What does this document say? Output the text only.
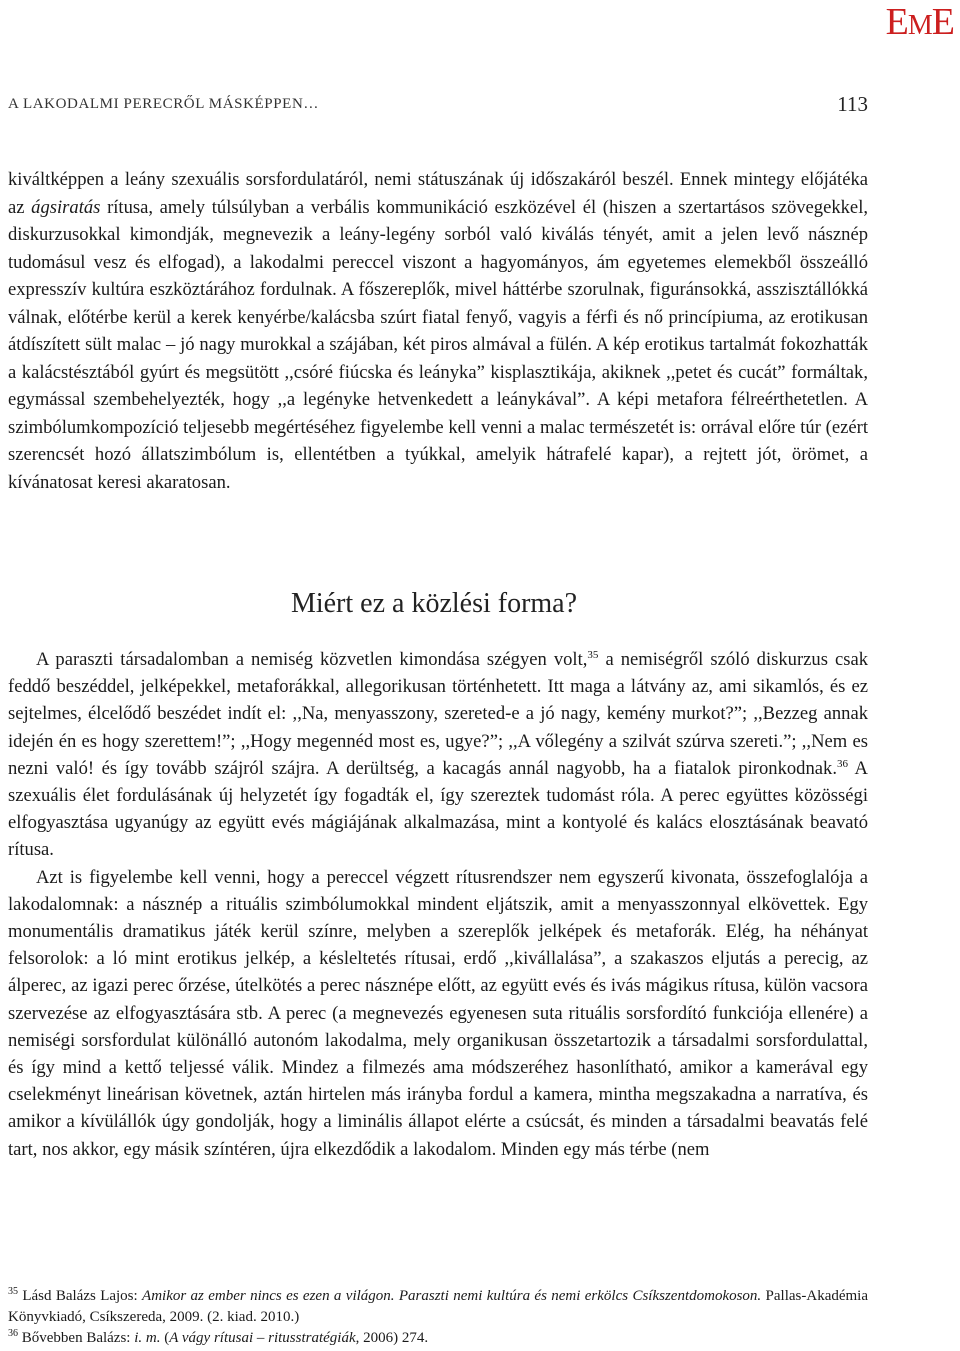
EME
A LAKODALMI PERECRŐL MÁSKÉPPEN…	113

kiváltképpen a leány szexuális sorsfordulatáról, nemi státuszának új időszakáról beszél. Ennek mintegy előjátéka az ágsiratás rítusa, amely túlsúlyban a verbális kommunikáció eszközével él (hiszen a szertartásos szövegekkel, diskurzusokkal kimondják, megnevezik a leány-legény sorból való kiválás tényét, amit a jelen levő násznép tudomásul vesz és elfogad), a lakodalmi pereccel viszont a hagyományos, ám egyetemes elemekből összeálló expresszív kultúra eszköztárához fordulnak. A főszereplők, mivel háttérbe szorulnak, figuránsokká, asszisztállókká válnak, előtérbe kerül a kerek kenyérbe/kalácsba szúrt fiatal fenyő, vagyis a férfi és nő princípiuma, az erotikusan átdíszített sült malac – jó nagy murokkal a szájában, két piros almával a fülén. A kép erotikus tartalmát fokozhatták a kalácstésztából gyúrt és megsütött ,,csóré fiúcska és leányka” kisplasztikája, akiknek ,,petet és cucát” formáltak, egymással szembehelyezték, hogy ,,a legényke hetvenkedett a leánykával”. A képi metafora félreérthetetlen. A szimbólumkompozíció teljesebb megértéséhez figyelembe kell venni a malac természetét is: orrával előre túr (ezért szerencsét hozó állatszimbólum is, ellentétben a tyúkkal, amelyik hátrafelé kapar), a rejtett jót, örömet, a kívánatosat keresi akaratosan.

Miért ez a közlési forma?

A paraszti társadalomban a nemiség közvetlen kimondása szégyen volt,$^{35}$ a nemiségről szóló diskurzus csak feddő beszéddel, jelképekkel, metaforákkal, allegorikusan történhetett. Itt maga a látvány az, ami sikamlós, és ez sejtelmes, élcelődő beszédet indít el: ,,Na, menyasszony, szereted-e a jó nagy, kemény murkot?”; ,,Bezzeg annak idején én es hogy szerettem!”; ,,Hogy megennéd most es, ugye?”; ,,A vőlegény a szilvát szúrva szereti.”; ,,Nem es nezni való! és így tovább szájról szájra. A derültség, a kacagás annál nagyobb, ha a fiatalok pironkodnak.$^{36}$ A szexuális élet fordulásának új helyzetét így fogadták el, így szereztek tudomást róla. A perec együttes közösségi elfogyasztása ugyanúgy az együtt evés mágiájának alkalmazása, mint a kontyolé és kalács elosztásának beavató rítusa.

Azt is figyelembe kell venni, hogy a pereccel végzett rítusrendszer nem egyszerű kivonata, összefoglalója a lakodalomnak: a násznép a rituális szimbólumokkal mindent eljátszik, amit a menyasszonnyal elkövettek. Egy monumentális dramatikus játék kerül színre, melyben a szereplők jelképek és metaforák. Elég, ha néhányat felsorolok: a ló mint erotikus jelkép, a késleltetés rítusai, erdő ,,kivállalása”, a szakaszos eljutás a perecig, az álperec, az igazi perec őrzése, útelkötés a perec násznépe előtt, az együtt evés és ivás mágikus rítusa, külön vacsora szervezése az elfogyasztására stb. A perec (a megnevezés egyenesen suta rituális sorsfordító funkciója ellenére) a nemiségi sorsfordulat különálló autonóm lakodalma, mely organikusan összetartozik a társadalmi sorsfordulattal, és így mind a kettő teljessé válik. Mindez a filmezés ama módszeréhez hasonlítható, amikor a kamerával egy cselekményt lineárisan követnek, aztán hirtelen más irányba fordul a kamera, mintha megszakadna a narratíva, és amikor a kívülállók úgy gondolják, hogy a liminális állapot elérte a csúcsát, és minden a társadalmi beavatás felé tart, nos akkor, egy másik színtéren, újra elkezdődik a lakodalom. Minden egy más térbe (nem

$^{35}$ Lásd Balázs Lajos: Amikor az ember nincs es ezen a világon. Paraszti nemi kultúra és nemi erkölcs Csíkszentdomokoson. Pallas-Akadémia Könyvkiadó, Csíkszereda, 2009. (2. kiad. 2010.)

$^{36}$ Bővebben Balázs: i. m. (A vágy rítusai – ritusstratégiák, 2006) 274.
